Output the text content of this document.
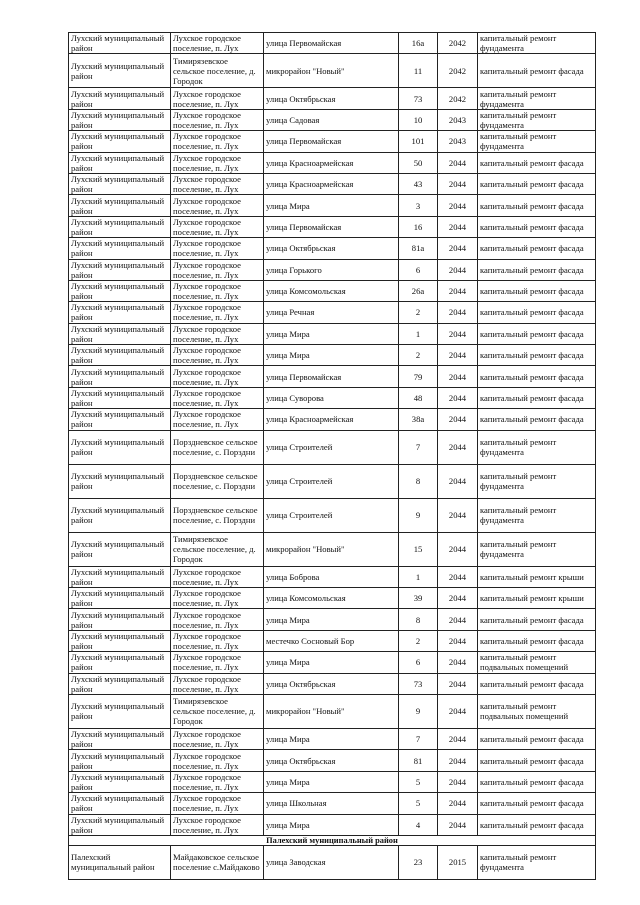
Лухский муниципальный район	Лухское городское поселение, п. Лух	улица Первомайская	16а	2042	капитальный ремонт фундамента
Лухский муниципальный район	Тимирязевское сельское поселение, д. Городок	микрорайон "Новый"	11	2042	капитальный ремонт фасада
Лухский муниципальный район	Лухское городское поселение, п. Лух	улица Октябрьская	73	2042	капитальный ремонт фундамента
Лухский муниципальный район	Лухское городское поселение, п. Лух	улица Садовая	10	2043	капитальный ремонт фундамента
Лухский муниципальный район	Лухское городское поселение, п. Лух	улица Первомайская	101	2043	капитальный ремонт фундамента
Лухский муниципальный район	Лухское городское поселение, п. Лух	улица Красноармейская	50	2044	капитальный ремонт фасада
Лухский муниципальный район	Лухское городское поселение, п. Лух	улица Красноармейская	43	2044	капитальный ремонт фасада
Лухский муниципальный район	Лухское городское поселение, п. Лух	улица Мира	3	2044	капитальный ремонт фасада
Лухский муниципальный район	Лухское городское поселение, п. Лух	улица Первомайская	16	2044	капитальный ремонт фасада
Лухский муниципальный район	Лухское городское поселение, п. Лух	улица Октябрьская	81а	2044	капитальный ремонт фасада
Лухский муниципальный район	Лухское городское поселение, п. Лух	улица Горького	6	2044	капитальный ремонт фасада
Лухский муниципальный район	Лухское городское поселение, п. Лух	улица Комсомольская	26а	2044	капитальный ремонт фасада
Лухский муниципальный район	Лухское городское поселение, п. Лух	улица Речная	2	2044	капитальный ремонт фасада
Лухский муниципальный район	Лухское городское поселение, п. Лух	улица Мира	1	2044	капитальный ремонт фасада
Лухский муниципальный район	Лухское городское поселение, п. Лух	улица Мира	2	2044	капитальный ремонт фасада
Лухский муниципальный район	Лухское городское поселение, п. Лух	улица Первомайская	79	2044	капитальный ремонт фасада
Лухский муниципальный район	Лухское городское поселение, п. Лух	улица Суворова	48	2044	капитальный ремонт фасада
Лухский муниципальный район	Лухское городское поселение, п. Лух	улица Красноармейская	38а	2044	капитальный ремонт фасада
Лухский муниципальный район	Порздневское сельское поселение, с. Порздни	улица Строителей	7	2044	капитальный ремонт фундамента
Лухский муниципальный район	Порздневское сельское поселение, с. Порздни	улица Строителей	8	2044	капитальный ремонт фундамента
Лухский муниципальный район	Порздневское сельское поселение, с. Порздни	улица Строителей	9	2044	капитальный ремонт фундамента
Лухский муниципальный район	Тимирязевское сельское поселение, д. Городок	микрорайон "Новый"	15	2044	капитальный ремонт фундамента
Лухский муниципальный район	Лухское городское поселение, п. Лух	улица Боброва	1	2044	капитальный ремонт крыши
Лухский муниципальный район	Лухское городское поселение, п. Лух	улица Комсомольская	39	2044	капитальный ремонт крыши
Лухский муниципальный район	Лухское городское поселение, п. Лух	улица Мира	8	2044	капитальный ремонт фасада
Лухский муниципальный район	Лухское городское поселение, п. Лух	местечко Сосновый Бор	2	2044	капитальный ремонт фасада
Лухский муниципальный район	Лухское городское поселение, п. Лух	улица Мира	6	2044	капитальный ремонт подвальных помещений
Лухский муниципальный район	Лухское городское поселение, п. Лух	улица Октябрьская	73	2044	капитальный ремонт фасада
Лухский муниципальный район	Тимирязевское сельское поселение, д. Городок	микрорайон "Новый"	9	2044	капитальный ремонт подвальных помещений
Лухский муниципальный район	Лухское городское поселение, п. Лух	улица Мира	7	2044	капитальный ремонт фасада
Лухский муниципальный район	Лухское городское поселение, п. Лух	улица Октябрьская	81	2044	капитальный ремонт фасада
Лухский муниципальный район	Лухское городское поселение, п. Лух	улица Мира	5	2044	капитальный ремонт фасада
Лухский муниципальный район	Лухское городское поселение, п. Лух	улица Школьная	5	2044	капитальный ремонт фасада
Лухский муниципальный район	Лухское городское поселение, п. Лух	улица Мира	4	2044	капитальный ремонт фасада
Палехский муниципальный район					
Палехский муниципальный район	Майдаковское сельское поселение с.Майдаково	улица Заводская	23	2015	капитальный ремонт фундамента
